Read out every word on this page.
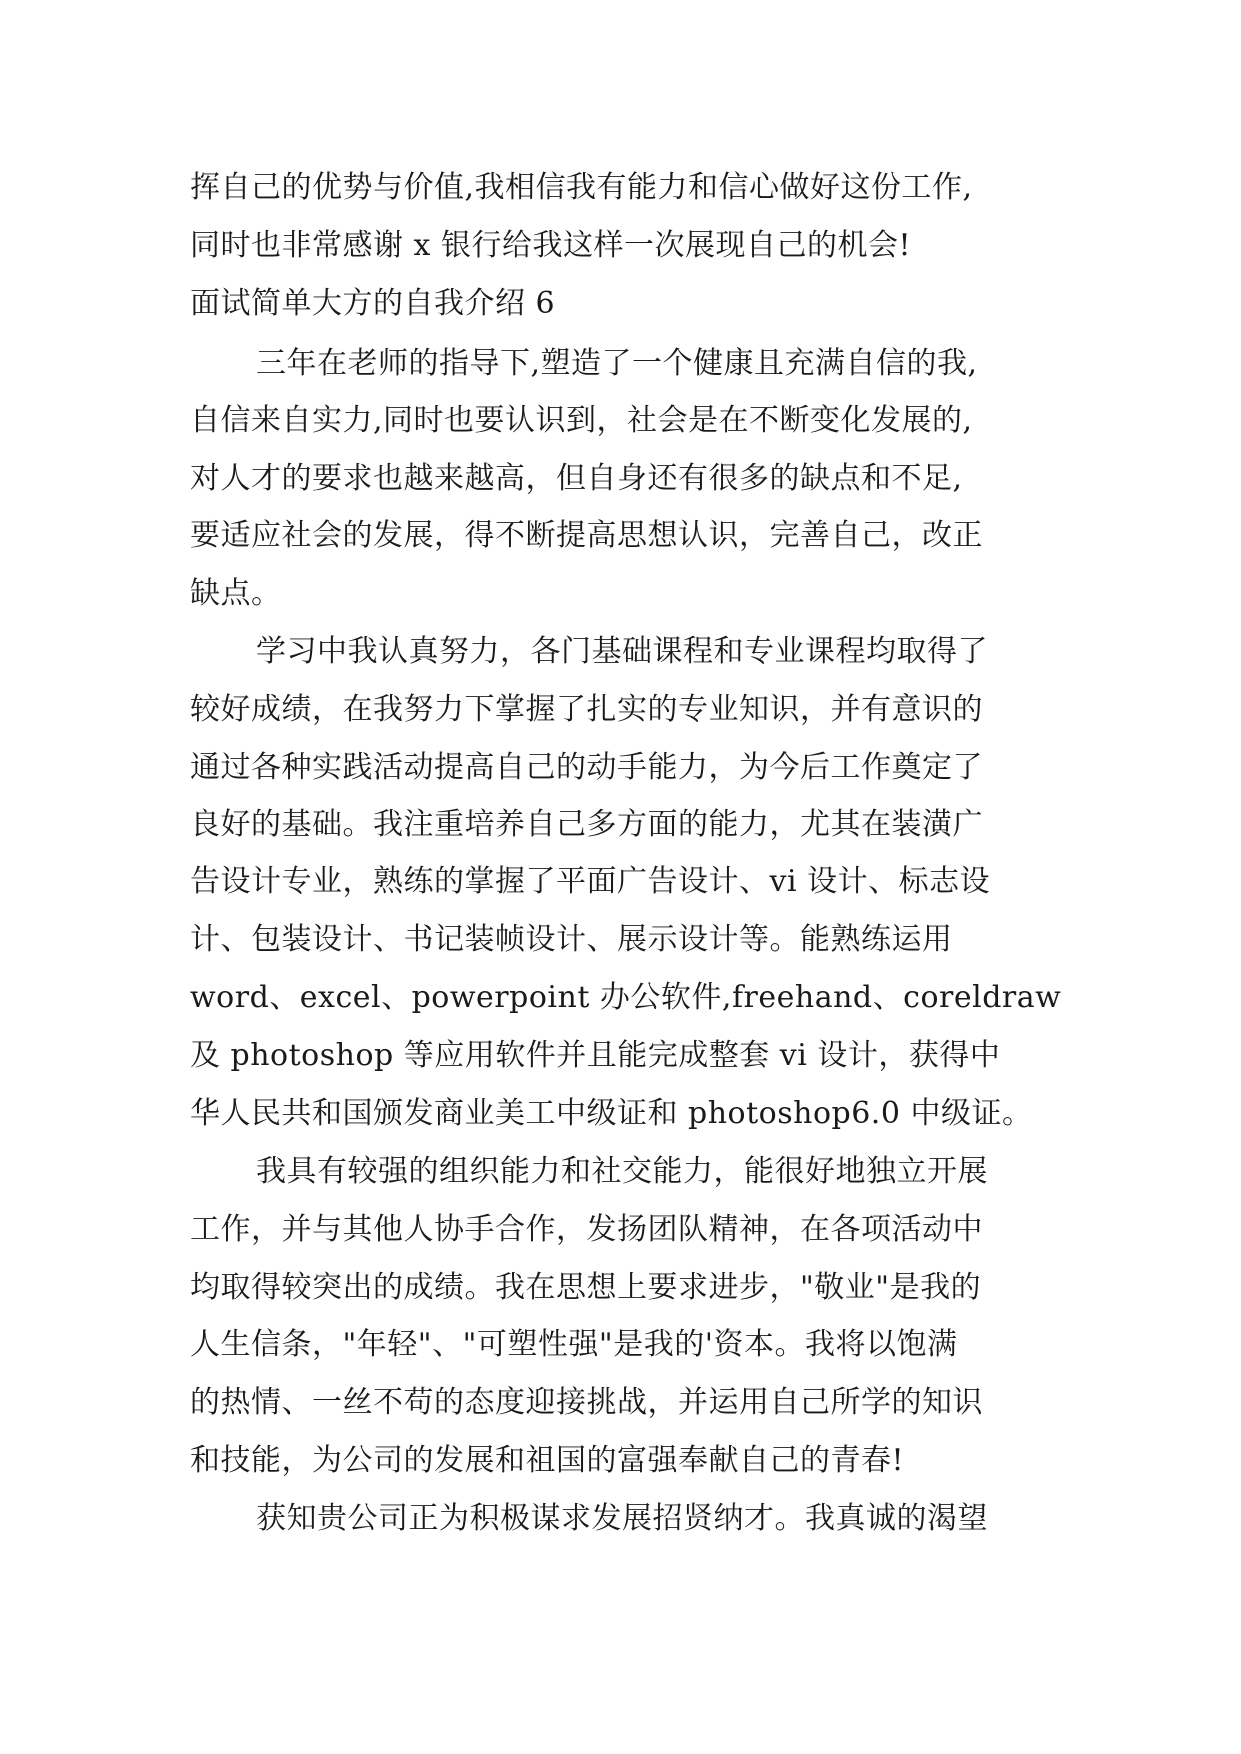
挥自己的优势与价值,我相信我有能力和信心做好这份工作,
同时也非常感谢 x 银行给我这样一次展现自己的机会!
面试简单大方的自我介绍 6
三年在老师的指导下,塑造了一个健康且充满自信的我,
自信来自实力,同时也要认识到，社会是在不断变化发展的,
对人才的要求也越来越高，但自身还有很多的缺点和不足,
要适应社会的发展，得不断提高思想认识，完善自己，改正
缺点。
学习中我认真努力，各门基础课程和专业课程均取得了
较好成绩，在我努力下掌握了扎实的专业知识，并有意识的
通过各种实践活动提高自己的动手能力，为今后工作奠定了
良好的基础。我注重培养自己多方面的能力，尤其在装潢广
告设计专业，熟练的掌握了平面广告设计、vi 设计、标志设
计、包装设计、书记装帧设计、展示设计等。能熟练运用
word、excel、powerpoint 办公软件,freehand、coreldraw
及 photoshop 等应用软件并且能完成整套 vi 设计，获得中
华人民共和国颁发商业美工中级证和 photoshop6.0 中级证。
我具有较强的组织能力和社交能力，能很好地独立开展
工作，并与其他人协手合作，发扬团队精神，在各项活动中
均取得较突出的成绩。我在思想上要求进步，"敬业"是我的
人生信条，"年轻"、"可塑性强"是我的'资本。我将以饱满
的热情、一丝不苟的态度迎接挑战，并运用自己所学的知识
和技能，为公司的发展和祖国的富强奉献自己的青春!
获知贵公司正为积极谋求发展招贤纳才。我真诚的渴望
